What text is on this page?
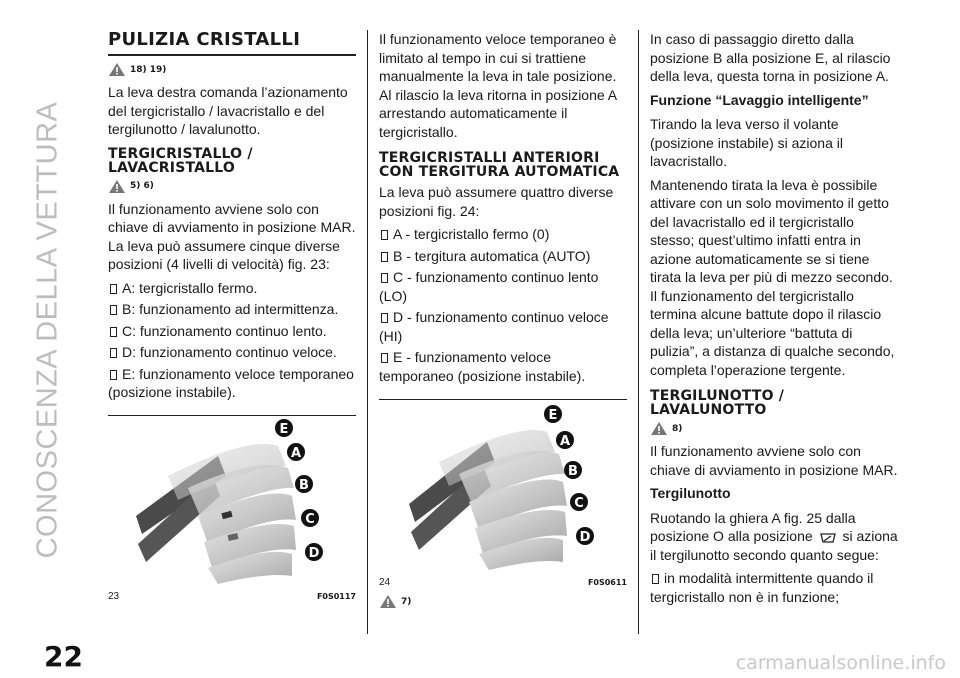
CONOSCENZA DELLA VETTURA
PULIZIA CRISTALLI
18) 19)

La leva destra comanda l’azionamento del tergicristallo / lavacristallo e del tergilunotto / lavalunotto.

TERGICRISTALLO / LAVACRISTALLO
5) 6)

Il funzionamento avviene solo con chiave di avviamento in posizione MAR. La leva può assumere cinque diverse posizioni (4 livelli di velocità) fig. 23:

A: tergicristallo fermo.
B: funzionamento ad intermittenza.
C: funzionamento continuo lento.
D: funzionamento continuo veloce.
E: funzionamento veloce temporaneo (posizione instabile).
E
A
B
C
D
23	F0S0117

Il funzionamento veloce temporaneo è limitato al tempo in cui si trattiene manualmente la leva in tale posizione. Al rilascio la leva ritorna in posizione A arrestando automaticamente il tergicristallo.

TERGICRISTALLI ANTERIORI CON TERGITURA AUTOMATICA

La leva può assumere quattro diverse posizioni fig. 24:

A - tergicristallo fermo (0)
B - tergitura automatica (AUTO)
C - funzionamento continuo lento (LO)
D - funzionamento continuo veloce (HI)
E - funzionamento veloce temporaneo (posizione instabile).
E
A
B
C
D
24	F0S0611
7)

In caso di passaggio diretto dalla posizione B alla posizione E, al rilascio della leva, questa torna in posizione A.

Funzione “Lavaggio intelligente”

Tirando la leva verso il volante (posizione instabile) si aziona il lavacristallo.

Mantenendo tirata la leva è possibile attivare con un solo movimento il getto del lavacristallo ed il tergicristallo stesso; quest’ultimo infatti entra in azione automaticamente se si tiene tirata la leva per più di mezzo secondo. Il funzionamento del tergicristallo termina alcune battute dopo il rilascio della leva; un’ulteriore “battuta di pulizia”, a distanza di qualche secondo, completa l’operazione tergente.

TERGILUNOTTO / LAVALUNOTTO
8)

Il funzionamento avviene solo con chiave di avviamento in posizione MAR.

Tergilunotto

Ruotando la ghiera A fig. 25 dalla posizione O alla posizione si aziona il tergilunotto secondo quanto segue:

in modalità intermittente quando il tergicristallo non è in funzione;
22	carmanualsonline.info
